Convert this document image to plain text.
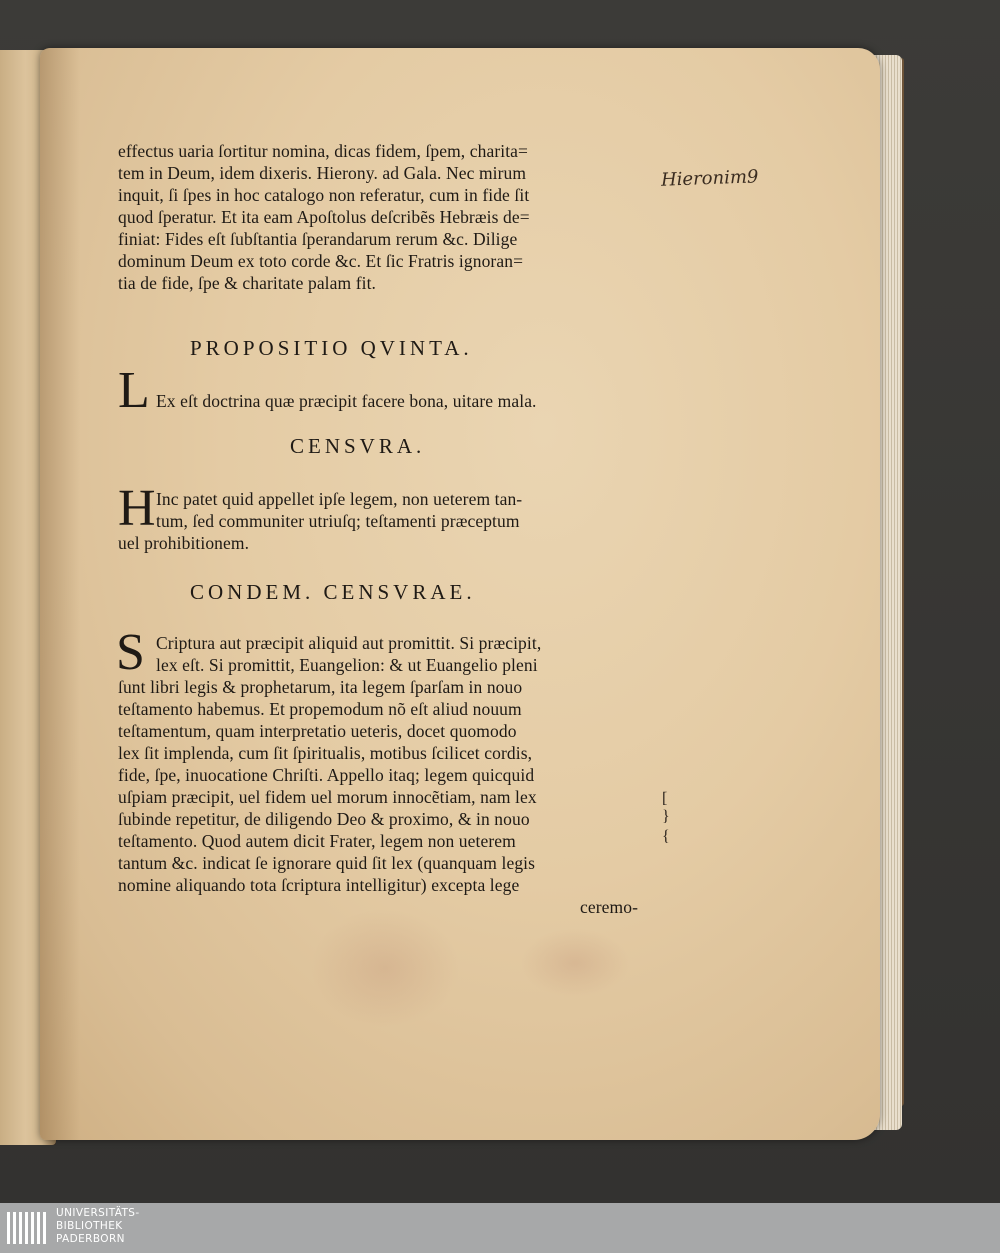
effectus uaria ſortitur nomina, dicas fidem, ſpem, charita=
tem in Deum, idem dixeris. Hierony. ad Gala. Nec mirum
inquit, ſi ſpes in hoc catalogo non referatur, cum in fide ſit
quod ſperatur. Et ita eam Apoſtolus deſcribẽs Hebræis de=
finiat: Fides eſt ſubſtantia ſperandarum rerum &c. Dilige
dominum Deum ex toto corde &c. Et ſic Fratris ignoran=
tia de fide, ſpe & charitate palam fit.
PROPOSITIO QVINTA.
L Ex eſt doctrina quæ præcipit facere bona, uitare mala.
CENSVRA.
H Inc patet quid appellet ipſe legem, non ueterem tan-
tum, ſed communiter utriuſq; teſtamenti præceptum
uel prohibitionem.
CONDEM. CENSVRAE.
S Criptura aut præcipit aliquid aut promittit. Si præcipit,
lex eſt. Si promittit, Euangelion: & ut Euangelio pleni
ſunt libri legis & prophetarum, ita legem ſparſam in nouo
teſtamento habemus. Et propemodum nõ eſt aliud nouum
teſtamentum, quam interpretatio ueteris, docet quomodo
lex ſit implenda, cum ſit ſpiritualis, motibus ſcilicet cordis,
fide, ſpe, inuocatione Chriſti. Appello itaq; legem quicquid
uſpiam præcipit, uel fidem uel morum innocẽtiam, nam lex
ſubinde repetitur, de diligendo Deo & proximo, & in nouo
teſtamento. Quod autem dicit Frater, legem non ueterem
tantum &c. indicat ſe ignorare quid ſit lex (quanquam legis
nomine aliquando tota ſcriptura intelligitur) excepta lege
ceremo-
[
}
{
Hieronim9
UNIVERSITÄTS-
BIBLIOTHEK
PADERBORN
